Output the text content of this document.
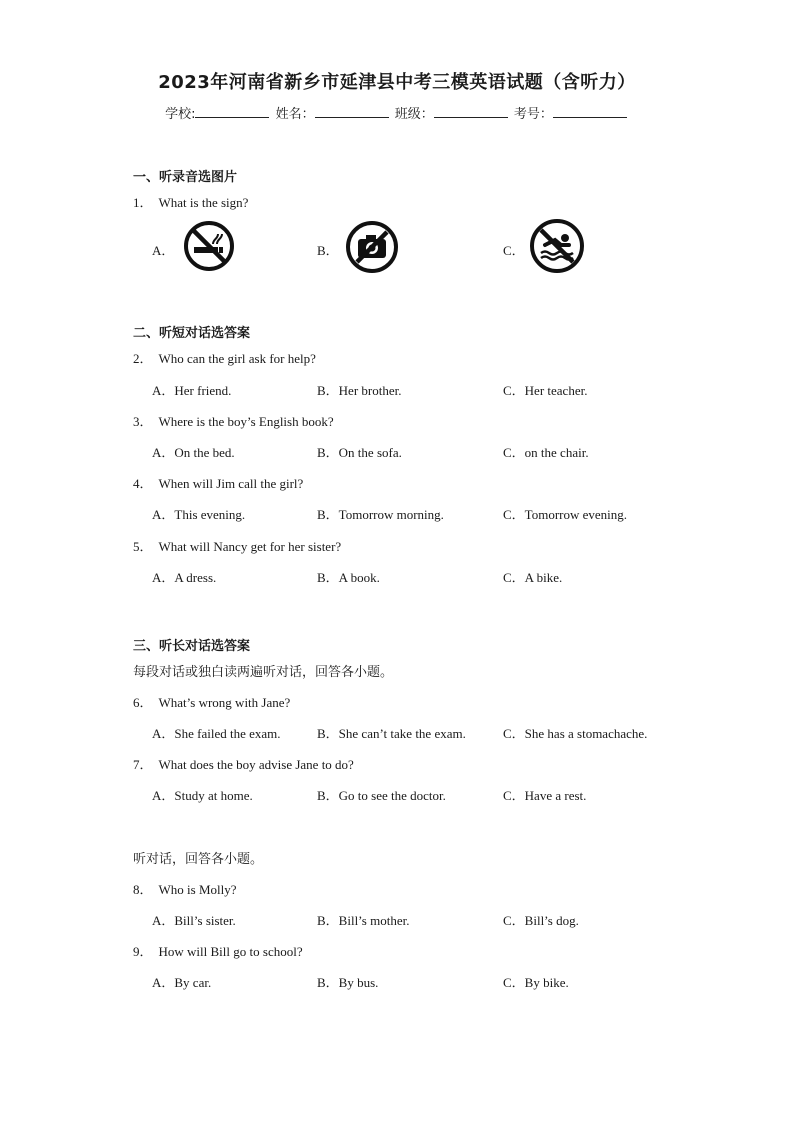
2023年河南省新乡市延津县中考三模英语试题（含听力）
学校:	姓名：	班级：	考号：
一、听录音选图片
1． What is the sign?
A．	B．	C．
二、听短对话选答案
2． Who can the girl ask for help?
A．Her friend.	B．Her brother.	C．Her teacher.
3． Where is the boy’s English book?
A．On the bed.	B．On the sofa.	C．on the chair.
4． When will Jim call the girl?
A．This evening.	B．Tomorrow morning.	C．Tomorrow evening.
5． What will Nancy get for her sister?
A．A dress.	B．A book.	C．A bike.
三、听长对话选答案
每段对话或独白读两遍听对话，回答各小题。
6． What’s wrong with Jane?
A．She failed the exam.	B．She can’t take the exam.	C．She has a stomachache.
7． What does the boy advise Jane to do?
A．Study at home.	B．Go to see the doctor.	C．Have a rest.
听对话，回答各小题。
8． Who is Molly?
A．Bill’s sister.	B．Bill’s mother.	C．Bill’s dog.
9． How will Bill go to school?
A．By car.	B．By bus.	C．By bike.
